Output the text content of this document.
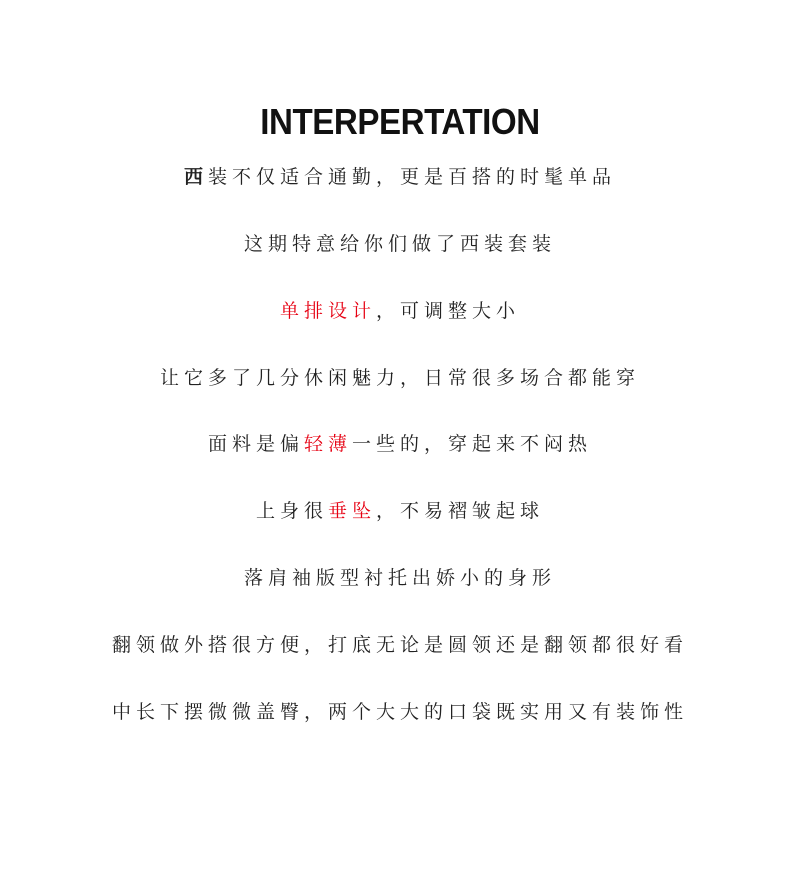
INTERPERTATION
西装不仅适合通勤，更是百搭的时髦单品
这期特意给你们做了西装套装
单排设计，可调整大小
让它多了几分休闲魅力，日常很多场合都能穿
面料是偏轻薄一些的，穿起来不闷热
上身很垂坠，不易褶皱起球
落肩袖版型衬托出娇小的身形
翻领做外搭很方便，打底无论是圆领还是翻领都很好看
中长下摆微微盖臀，两个大大的口袋既实用又有装饰性
